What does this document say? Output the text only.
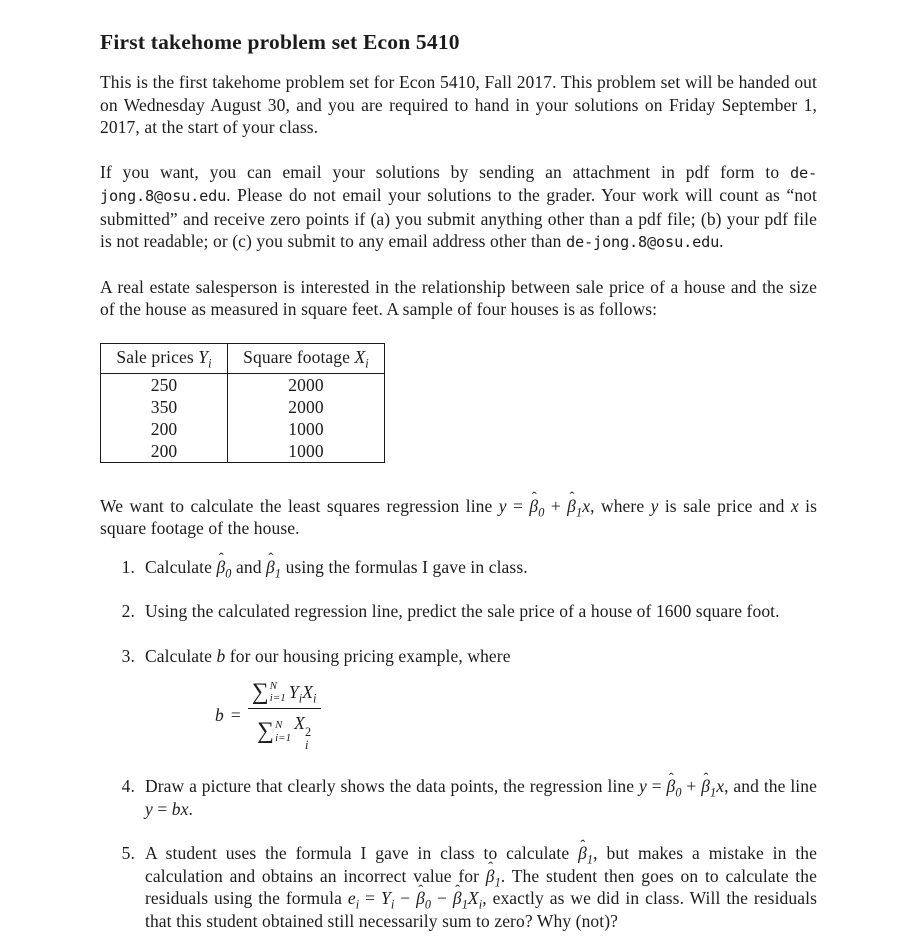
First takehome problem set Econ 5410

This is the first takehome problem set for Econ 5410, Fall 2017. This problem set will be handed out on Wednesday August 30, and you are required to hand in your solutions on Friday September 1, 2017, at the start of your class.

If you want, you can email your solutions by sending an attachment in pdf form to de-jong.8@osu.edu. Please do not email your solutions to the grader. Your work will count as “not submitted” and receive zero points if (a) you submit anything other than a pdf file; (b) your pdf file is not readable; or (c) you submit to any email address other than de-jong.8@osu.edu.

A real estate salesperson is interested in the relationship between sale price of a house and the size of the house as measured in square feet. A sample of four houses is as follows:

Sale prices $Y_i$	Square footage $X_i$
250	2000
350	2000
200	1000
200	1000

We want to calculate the least squares regression line y = β ˆ$_0$ + β ˆ$_1$x, where y is sale price and x is square footage of the house.

1. Calculate β ˆ$_0$ and β ˆ$_1$ using the formulas I gave in class.
2. Using the calculated regression line, predict the sale price of a house of 1600 square foot.
3. Calculate b for our housing pricing example, where
b =
∑ N
i=1 $Y_iX_i$
∑ N
i=1
X 2
i
4. Draw a picture that clearly shows the data points, the regression line y = β ˆ$_0$ + β ˆ$_1$x, and the line y = bx.
5. A student uses the formula I gave in class to calculate β ˆ$_1$, but makes a mistake in the calculation and obtains an incorrect value for β ˆ$_1$. The student then goes on to calculate the residuals using the formula $e_i = Y_i - \beta$ ˆ$_0$ − β $ˆ_1X_i$, exactly as we did in class. Will the residuals that this student obtained still necessarily sum to zero? Why (not)?
